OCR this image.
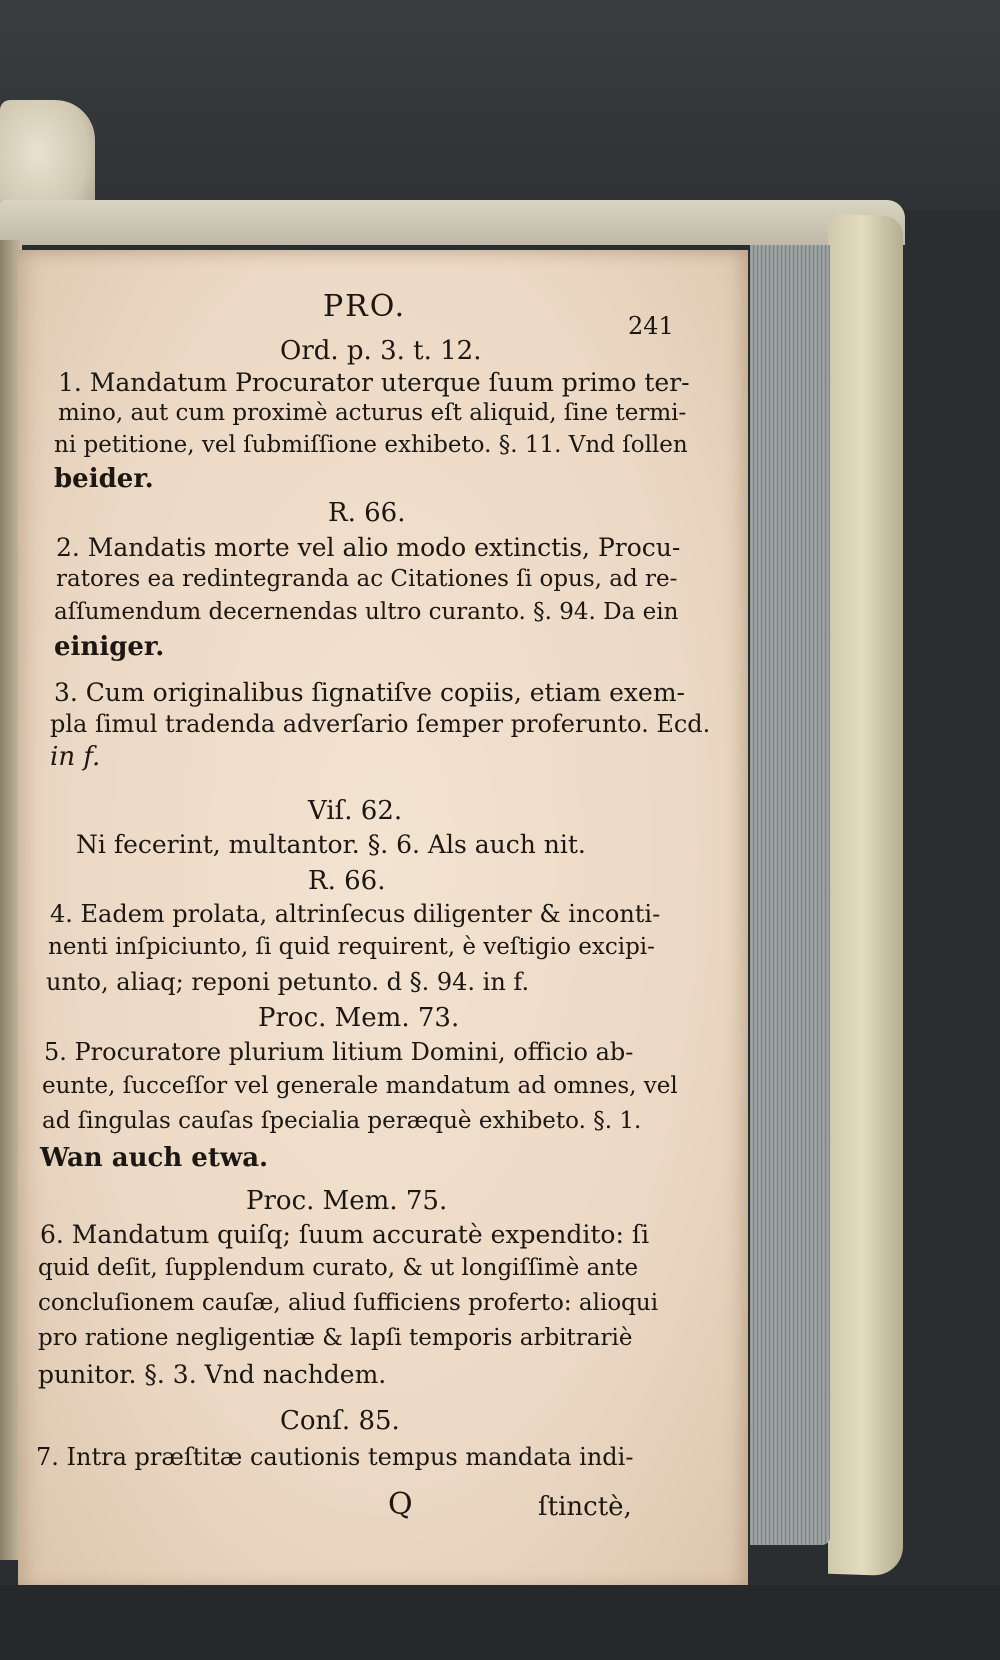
PRO.
241
Ord. p. 3. t. 12.
1. Mandatum Procurator uterque ſuum primo ter-
mino, aut cum proximè acturus eſt aliquid, ſine termi-
ni petitione, vel ſubmiſſione exhibeto. §. 11. Vnd ſollen
beider.
R. 66.
2. Mandatis morte vel alio modo extinctis, Procu-
ratores ea redintegranda ac Citationes ſi opus, ad re-
aſſumendum decernendas ultro curanto. §. 94. Da ein
einiger.
3. Cum originalibus ſignatiſve copiis, etiam exem-
pla ſimul tradenda adverſario ſemper proferunto. Ecd.
in f.
Viſ. 62.
Ni fecerint, multantor. §. 6. Als auch nit.
R. 66.
4. Eadem prolata, altrinſecus diligenter & inconti-
nenti inſpiciunto, ſi quid requirent, è veſtigio excipi-
unto, aliaq; reponi petunto. d §. 94. in f.
Proc. Mem. 73.
5. Procuratore plurium litium Domini, officio ab-
eunte, ſucceſſor vel generale mandatum ad omnes, vel
ad ſingulas cauſas ſpecialia peræquè exhibeto. §. 1.
Wan auch etwa.
Proc. Mem. 75.
6. Mandatum quiſq; ſuum accuratè expendito: ſi
quid deſit, ſupplendum curato, & ut longiſſimè ante
concluſionem cauſæ, aliud ſufficiens proferto: alioqui
pro ratione negligentiæ & lapſi temporis arbitrariè
punitor. §. 3. Vnd nachdem.
Conſ. 85.
7. Intra præſtitæ cautionis tempus mandata indi-
Q	ſtinctè,
